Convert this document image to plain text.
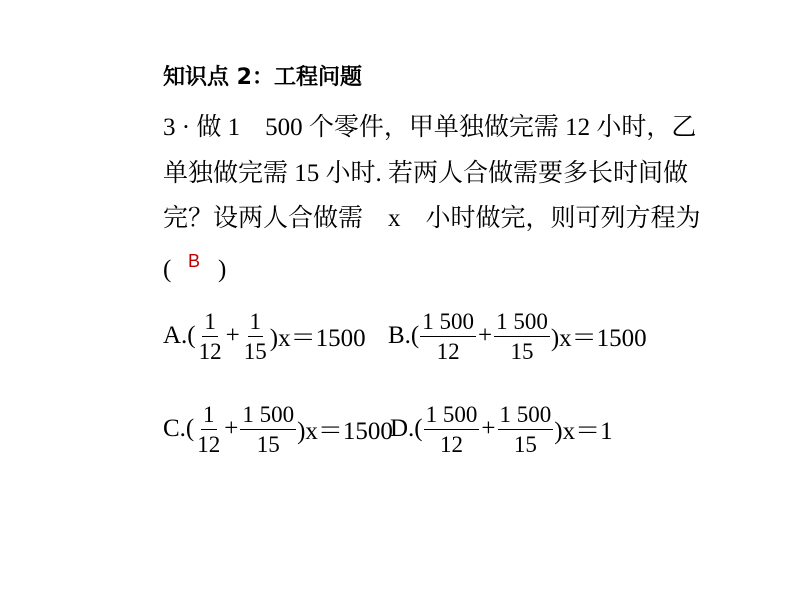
知识点 2：工程问题
3 · 做 1　500 个零件，甲单独做完需 12 小时，乙
单独做完需 15 小时. 若两人合做需要多长时间做
完？设两人合做需　x　小时做完，则可列方程为
( B )
$A.( \frac{1}{12} + \frac{1}{15} )x=1500$ $B.( \frac{1 500}{12} + \frac{1 500}{15} )x=1500$
$C.( \frac{1}{12} + \frac{1 500}{15} )x=1500$
$D.( \frac{1 500}{12} + \frac{1 500}{15} )x=1$
